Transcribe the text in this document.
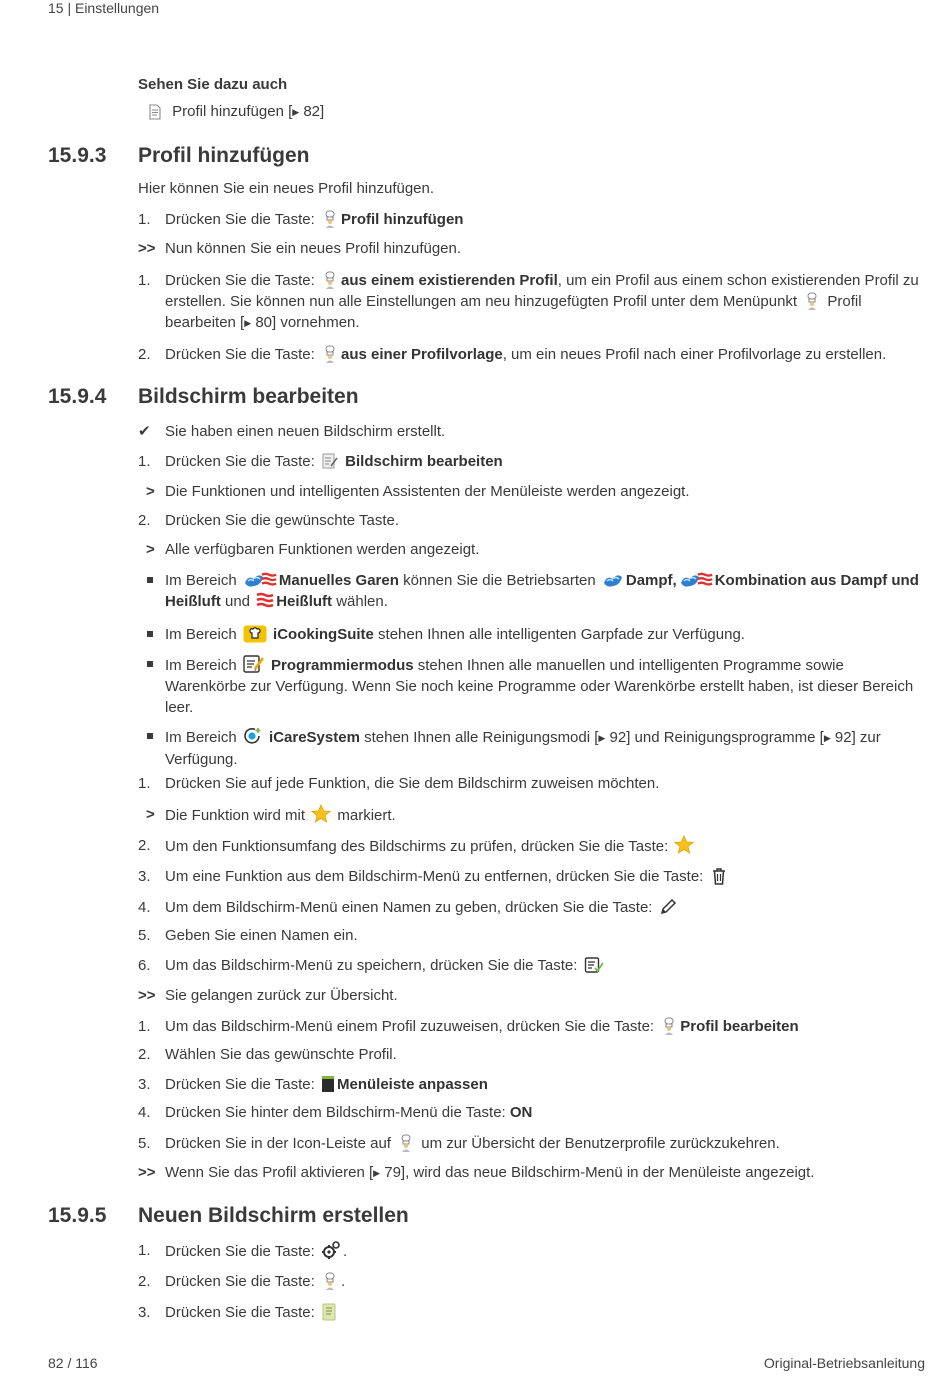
15 | Einstellungen
Sehen Sie dazu auch
Profil hinzufügen [▶ 82]
15.9.3 Profil hinzufügen
Hier können Sie ein neues Profil hinzufügen.
1. Drücken Sie die Taste: Profil hinzufügen
>> Nun können Sie ein neues Profil hinzufügen.
1. Drücken Sie die Taste: aus einem existierenden Profil, um ein Profil aus einem schon existierenden Profil zu erstellen. Sie können nun alle Einstellungen am neu hinzugefügten Profil unter dem Menüpunkt  Profil bearbeiten [▶ 80] vornehmen.
2. Drücken Sie die Taste: aus einer Profilvorlage, um ein neues Profil nach einer Profilvorlage zu erstellen.
15.9.4 Bildschirm bearbeiten
✔ Sie haben einen neuen Bildschirm erstellt.
1. Drücken Sie die Taste:  Bildschirm bearbeiten
> Die Funktionen und intelligenten Assistenten der Menüleiste werden angezeigt.
2. Drücken Sie die gewünschte Taste.
> Alle verfügbaren Funktionen werden angezeigt.
Im Bereich	Manuelles Garen können Sie die Betriebsarten Dampf,	Kombination aus Dampf und Heißluft und Heißluft wählen.
Im Bereich  iCookingSuite stehen Ihnen alle intelligenten Garpfade zur Verfügung.
Im Bereich  Programmiermodus stehen Ihnen alle manuellen und intelligenten Programme sowie Warenkörbe zur Verfügung. Wenn Sie noch keine Programme oder Warenkörbe erstellt haben, ist dieser Bereich leer.
Im Bereich  iCareSystem stehen Ihnen alle Reinigungsmodi [▶ 92] und Reinigungsprogramme [▶ 92] zur Verfügung.
1. Drücken Sie auf jede Funktion, die Sie dem Bildschirm zuweisen möchten.
> Die Funktion wird mit  markiert.
2. Um den Funktionsumfang des Bildschirms zu prüfen, drücken Sie die Taste:
3. Um eine Funktion aus dem Bildschirm-Menü zu entfernen, drücken Sie die Taste:
4. Um dem Bildschirm-Menü einen Namen zu geben, drücken Sie die Taste:
5. Geben Sie einen Namen ein.
6. Um das Bildschirm-Menü zu speichern, drücken Sie die Taste:
>> Sie gelangen zurück zur Übersicht.
1. Um das Bildschirm-Menü einem Profil zuzuweisen, drücken Sie die Taste: Profil bearbeiten
2. Wählen Sie das gewünschte Profil.
3. Drücken Sie die Taste: Menüleiste anpassen
4. Drücken Sie hinter dem Bildschirm-Menü die Taste: ON
5. Drücken Sie in der Icon-Leiste auf  um zur Übersicht der Benutzerprofile zurückzukehren.
>> Wenn Sie das Profil aktivieren [▶ 79], wird das neue Bildschirm-Menü in der Menüleiste angezeigt.
15.9.5 Neuen Bildschirm erstellen
1. Drücken Sie die Taste: .
2. Drücken Sie die Taste: .
3. Drücken Sie die Taste:
82 / 116	Original-Betriebsanleitung
